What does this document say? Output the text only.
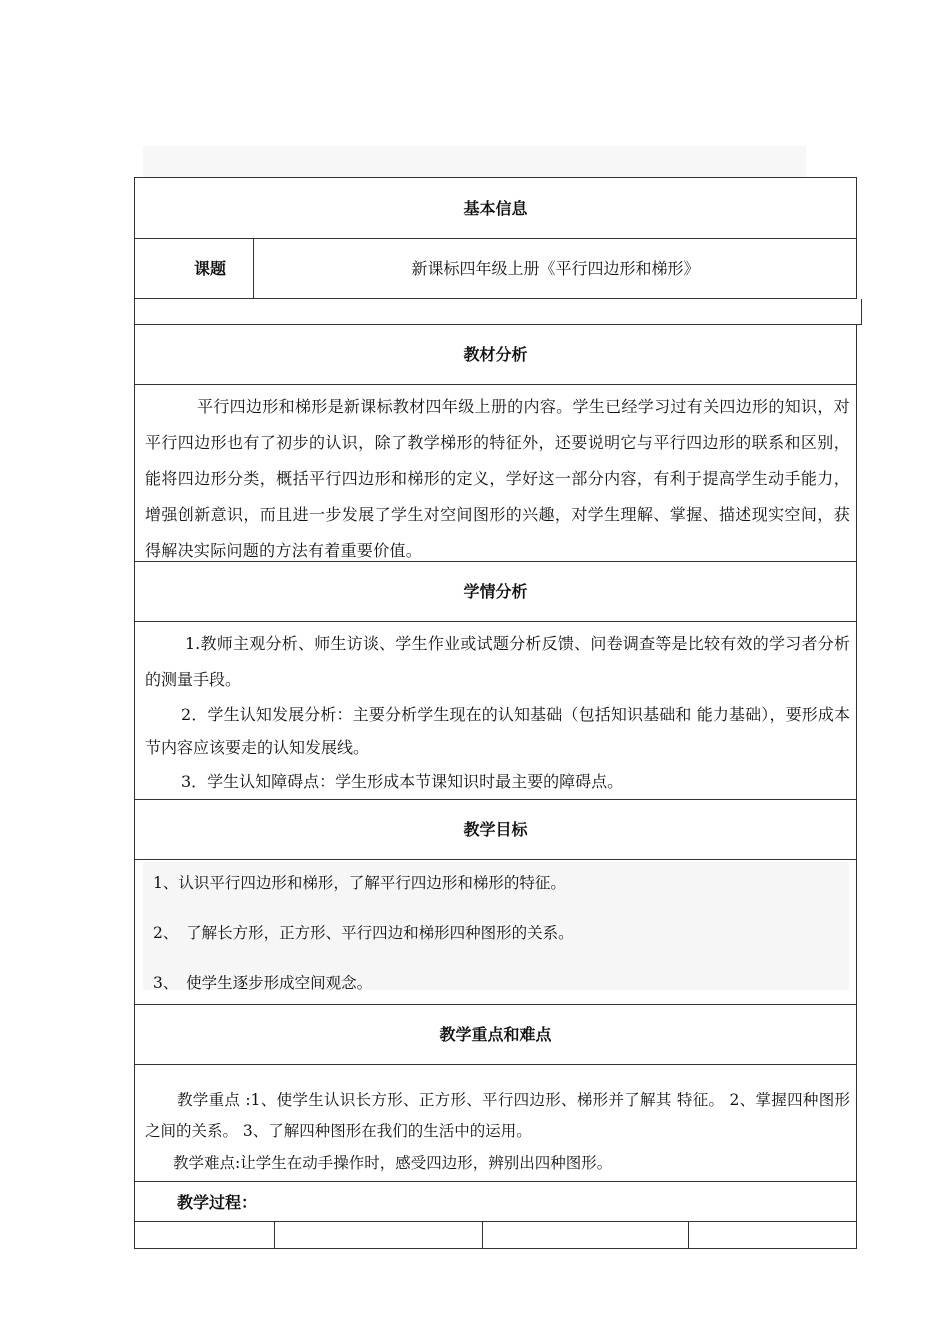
基本信息
课题	新课标四年级上册《平行四边形和梯形》
教材分析
平行四边形和梯形是新课标教材四年级上册的内容。学生已经学习过有关四边形的知识，对平行四边形也有了初步的认识，除了教学梯形的特征外，还要说明它与平行四边形的联系和区别，能将四边形分类，概括平行四边形和梯形的定义，学好这一部分内容，有利于提高学生动手能力，增强创新意识，而且进一步发展了学生对空间图形的兴趣，对学生理解、掌握、描述现实空间，获得解决实际问题的方法有着重要价值。
学情分析
1.教师主观分析、师生访谈、学生作业或试题分析反馈、问卷调查等是比较有效的学习者分析的测量手段。
2．学生认知发展分析：主要分析学生现在的认知基础（包括知识基础和 能力基础），要形成本节内容应该要走的认知发展线。
3．学生认知障碍点：学生形成本节课知识时最主要的障碍点。
教学目标
1、认识平行四边形和梯形，了解平行四边形和梯形的特征。
2、　了解长方形，正方形、平行四边和梯形四种图形的关系。
3、　使学生逐步形成空间观念。
教学重点和难点
教学重点 :1、使学生认识长方形、正方形、平行四边形、梯形并了解其 特征。 2、掌握四种图形之间的关系。 3、了解四种图形在我们的生活中的运用。
教学难点:让学生在动手操作时，感受四边形，辨别出四种图形。
教学过程：
